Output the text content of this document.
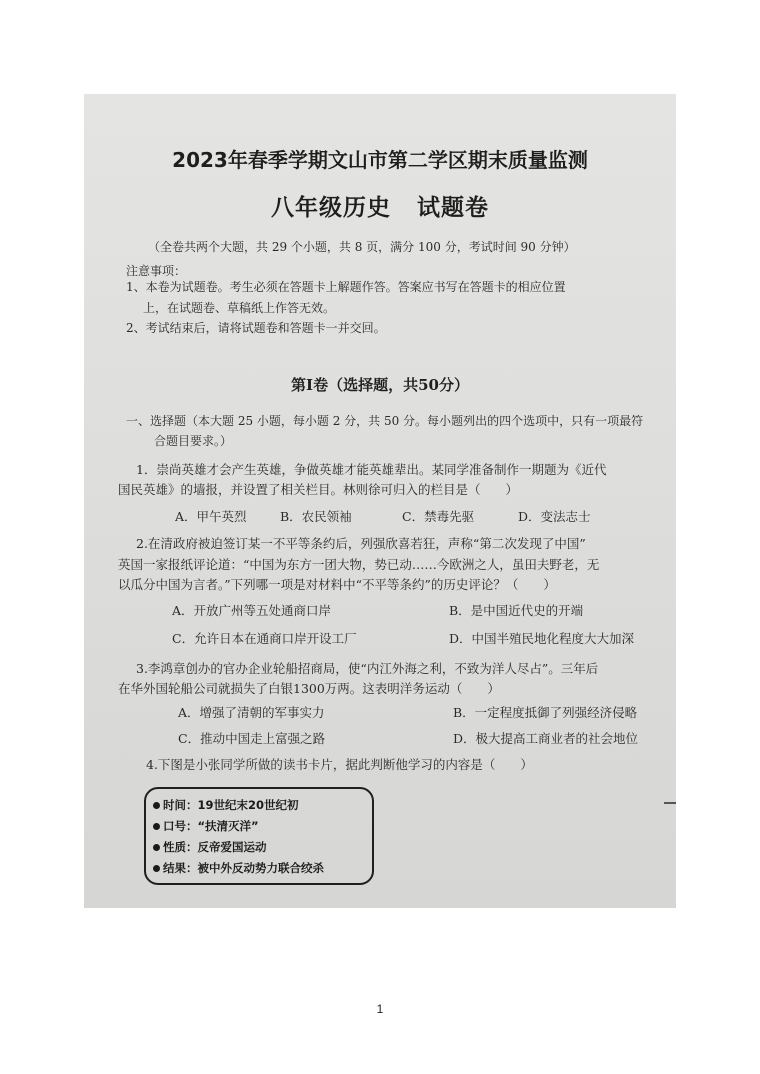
2023年春季学期文山市第二学区期末质量监测
八年级历史 试题卷
（全卷共两个大题，共 29 个小题，共 8 页，满分 100 分，考试时间 90 分钟）
注意事项：
1、本卷为试题卷。考生必须在答题卡上解题作答。答案应书写在答题卡的相应位置
上，在试题卷、草稿纸上作答无效。
2、考试结束后，请将试题卷和答题卡一并交回。
第Ⅰ卷（选择题，共50分）
一、选择题（本大题 25 小题，每小题 2 分，共 50 分。每小题列出的四个选项中，只有一项最符
合题目要求。）
1．崇尚英雄才会产生英雄，争做英雄才能英雄辈出。某同学准备制作一期题为《近代
国民英雄》的墙报，并设置了相关栏目。林则徐可归入的栏目是（　　）
A．甲午英烈	B．农民领袖	C．禁毒先驱	D．变法志士
2.在清政府被迫签订某一不平等条约后，列强欣喜若狂，声称“第二次发现了中国”
英国一家报纸评论道：“中国为东方一团大物，势已动……今欧洲之人，虽田夫野老，无
以瓜分中国为言者。”下列哪一项是对材料中“不平等条约”的历史评论？（　　）
A．开放广州等五处通商口岸	B．是中国近代史的开端
C．允许日本在通商口岸开设工厂	D．中国半殖民地化程度大大加深
3.李鸿章创办的官办企业轮船招商局，使“内江外海之利，不致为洋人尽占”。三年后
在华外国轮船公司就损失了白银1300万两。这表明洋务运动（　　）
A．增强了清朝的军事实力	B．一定程度抵御了列强经济侵略
C．推动中国走上富强之路	D．极大提高工商业者的社会地位
4.下图是小张同学所做的读书卡片，据此判断他学习的内容是（　　）
时间：19世纪末20世纪初
口号：“扶清灭洋”
性质：反帝爱国运动
结果：被中外反动势力联合绞杀
1
